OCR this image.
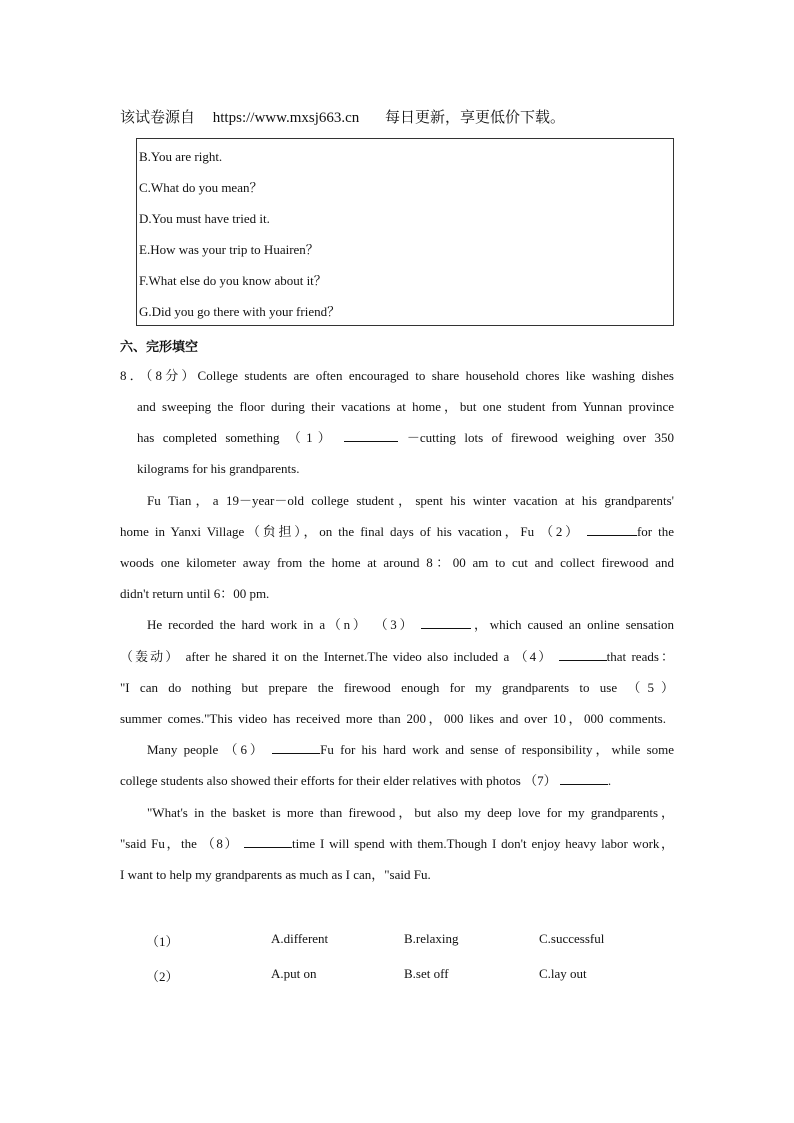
该试卷源自 https://www.mxsj663.cn 每日更新，享更低价下载。
B.You are right.
C.What do you mean？
D.You must have tried it.
E.How was your trip to Huairen？
F.What else do you know about it？
G.Did you go there with your friend？
六、完形填空
8．（8分）College students are often encouraged to share household chores like washing dishes
and sweeping the floor during their vacations at home，but one student from Yunnan province
has completed something （1）	－cutting lots of firewood weighing over 350
kilograms for his grandparents.
Fu Tian，a 19－year－old college student，spent his winter vacation at his grandparents'
home in Yanxi Village（贠担），on the final days of his vacation，Fu （2）	for the
woods one kilometer away from the home at around 8：00 am to cut and collect firewood and
didn't return until 6：00 pm.
He recorded the hard work in a（n） （3）	，which caused an online sensation
（轰动） after he shared it on the Internet.The video also included a （4）	that reads：
"I can do nothing but prepare the firewood enough for my grandparents to use （5）
summer comes."This video has received more than 200，000 likes and over 10，000 comments.
Many people （6）	Fu for his hard work and sense of responsibility，while some
college students also showed their efforts for their elder relatives with photos （7）	.
"What's in the basket is more than firewood，but also my deep love for my grandparents，
"said Fu，the （8）	time I will spend with them.Though I don't enjoy heavy labor work，
I want to help my grandparents as much as I can，"said Fu.
（1）	A.different	B.relaxing	C.successful
（2）	A.put on	B.set off	C.lay out
